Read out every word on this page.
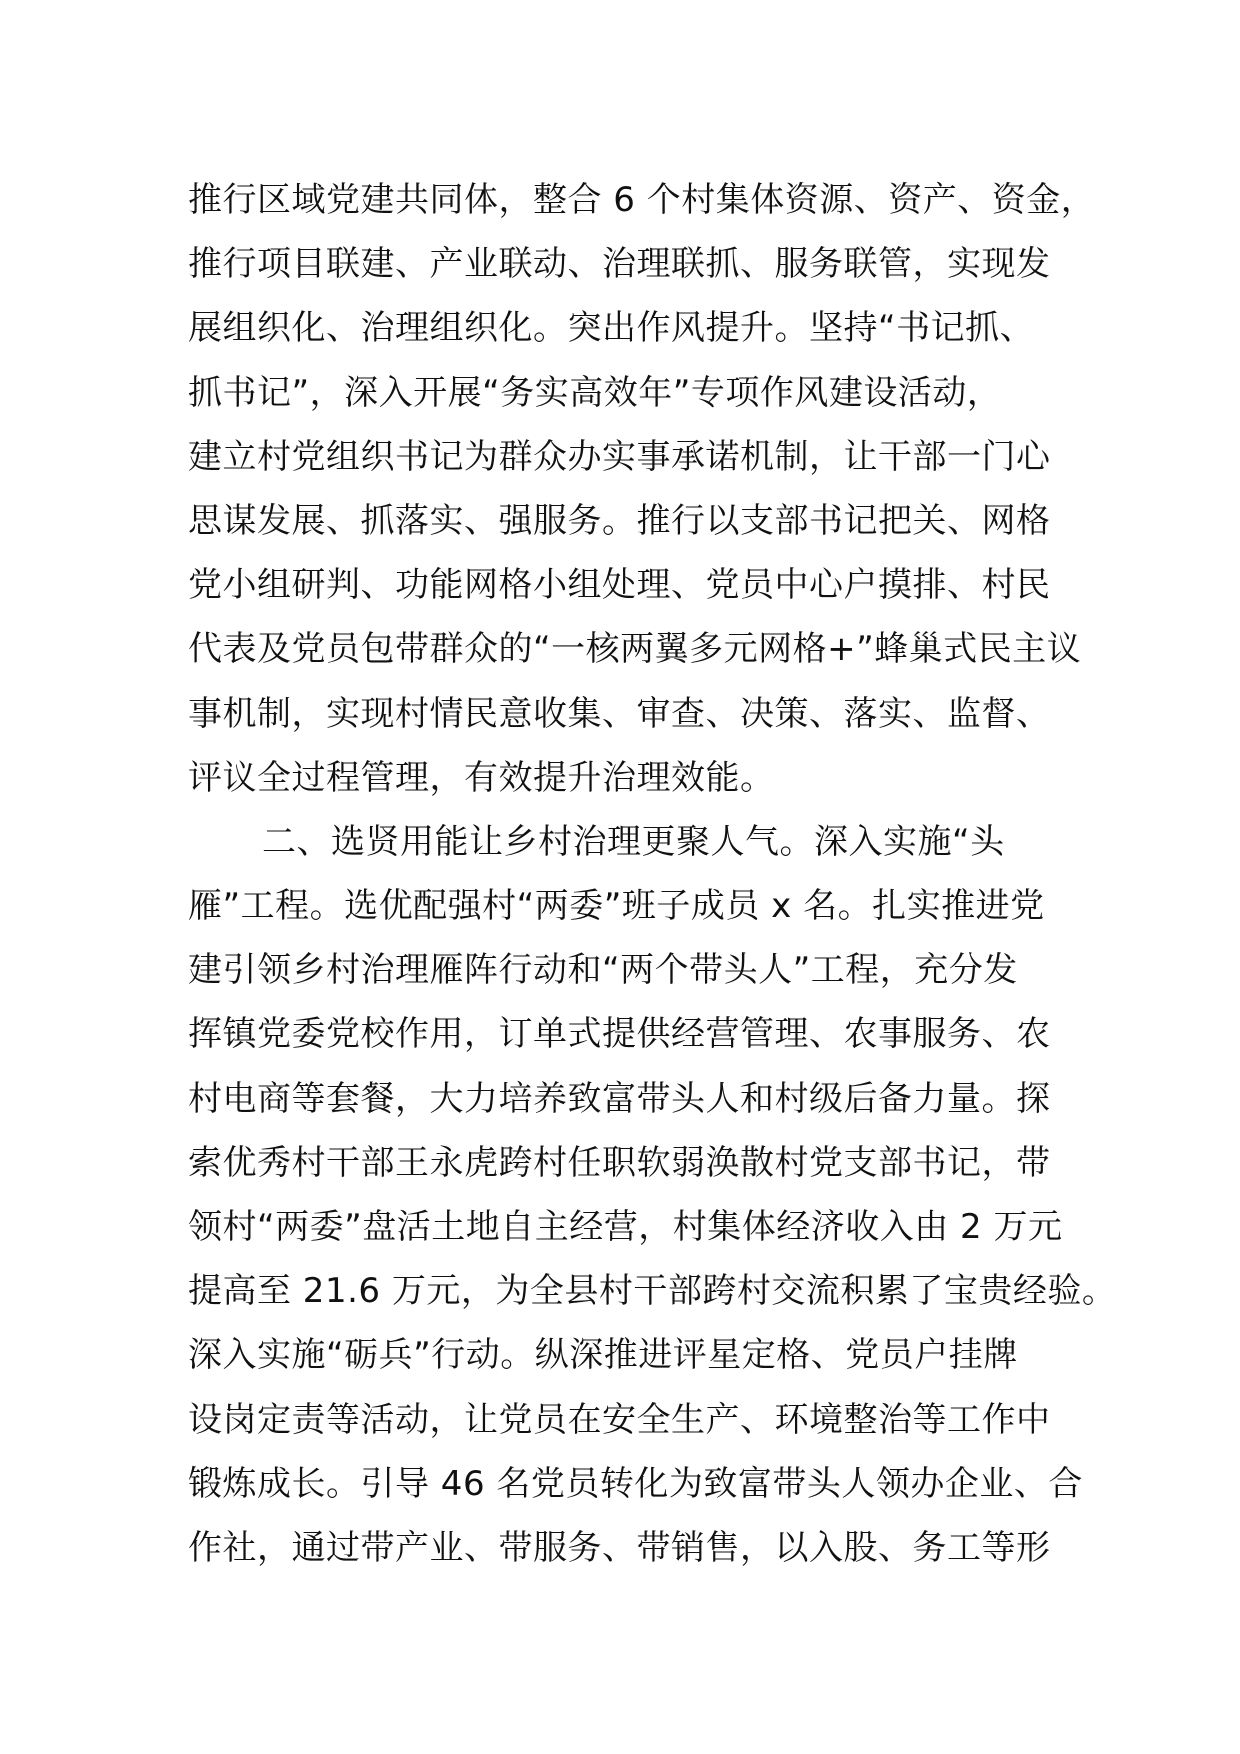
推行区域党建共同体，整合 6 个村集体资源、资产、资金，
推行项目联建、产业联动、治理联抓、服务联管，实现发
展组织化、治理组织化。突出作风提升。坚持“书记抓、
抓书记”，深入开展“务实高效年”专项作风建设活动，
建立村党组织书记为群众办实事承诺机制，让干部一门心
思谋发展、抓落实、强服务。推行以支部书记把关、网格
党小组研判、功能网格小组处理、党员中心户摸排、村民
代表及党员包带群众的“一核两翼多元网格+”蜂巢式民主议
事机制，实现村情民意收集、审查、决策、落实、监督、
评议全过程管理，有效提升治理效能。
二、选贤用能让乡村治理更聚人气。深入实施“头
雁”工程。选优配强村“两委”班子成员 x 名。扎实推进党
建引领乡村治理雁阵行动和“两个带头人”工程，充分发
挥镇党委党校作用，订单式提供经营管理、农事服务、农
村电商等套餐，大力培养致富带头人和村级后备力量。探
索优秀村干部王永虎跨村任职软弱涣散村党支部书记，带
领村“两委”盘活土地自主经营，村集体经济收入由 2 万元
提高至 21.6 万元，为全县村干部跨村交流积累了宝贵经验。
深入实施“砺兵”行动。纵深推进评星定格、党员户挂牌
设岗定责等活动，让党员在安全生产、环境整治等工作中
锻炼成长。引导 46 名党员转化为致富带头人领办企业、合
作社，通过带产业、带服务、带销售，以入股、务工等形
